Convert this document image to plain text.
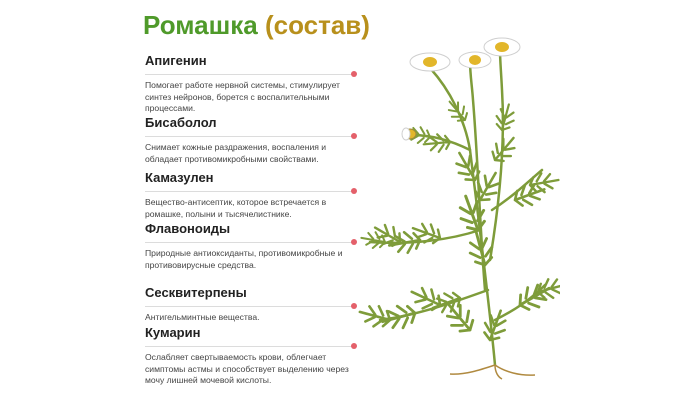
Ромашка (состав)
Апигенин

Помогает работе нервной системы, стимулирует синтез нейронов, борется с воспалительными процессами.

Бисаболол

Снимает кожные раздражения, воспаления и обладает противомикробными свойствами.

Камазулен

Вещество-антисептик, которое встречается в ромашке, полыни и тысячелистнике.

Флавоноиды

Природные антиоксиданты, противомикробные и противовирусные средства.

Сесквитерпены

Антигельминтные вещества.

Кумарин

Ослабляет свертываемость крови, облегчает симптомы астмы и способствует выделению через мочу лишней мочевой кислоты.
